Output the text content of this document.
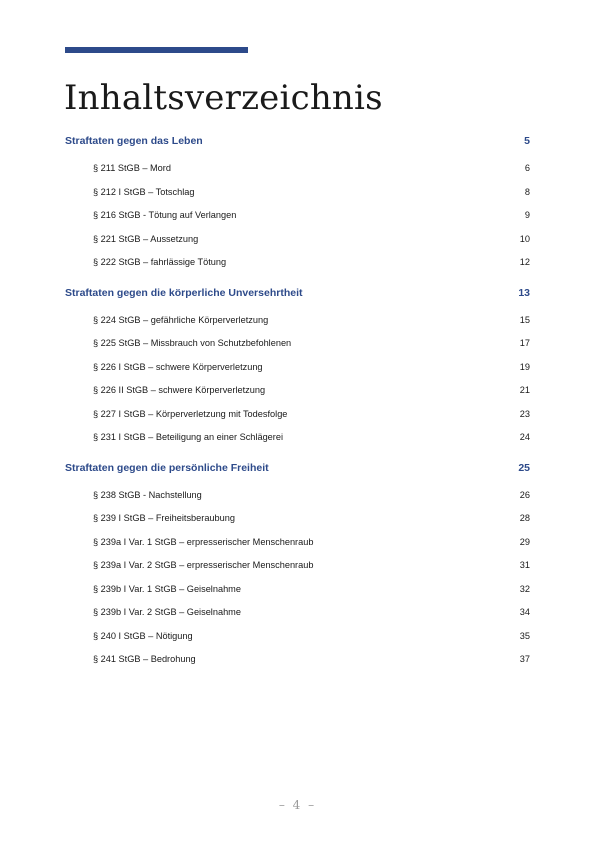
Inhaltsverzeichnis
Straftaten gegen das Leben	5
§ 211 StGB – Mord	6
§ 212 I StGB – Totschlag	8
§ 216 StGB - Tötung auf Verlangen	9
§ 221 StGB – Aussetzung	10
§ 222 StGB – fahrlässige Tötung	12
Straftaten gegen die körperliche Unversehrtheit	13
§ 224 StGB – gefährliche Körperverletzung	15
§ 225 StGB – Missbrauch von Schutzbefohlenen	17
§ 226 I StGB – schwere Körperverletzung	19
§ 226 II StGB – schwere Körperverletzung	21
§ 227 I StGB – Körperverletzung mit Todesfolge	23
§ 231 I StGB – Beteiligung an einer Schlägerei	24
Straftaten gegen die persönliche Freiheit	25
§ 238 StGB - Nachstellung	26
§ 239 I StGB – Freiheitsberaubung	28
§ 239a I Var. 1 StGB – erpresserischer Menschenraub	29
§ 239a I Var. 2 StGB – erpresserischer Menschenraub	31
§ 239b I Var. 1 StGB – Geiselnahme	32
§ 239b I Var. 2 StGB – Geiselnahme	34
§ 240 I StGB – Nötigung	35
§ 241 StGB – Bedrohung	37
– 4 –
